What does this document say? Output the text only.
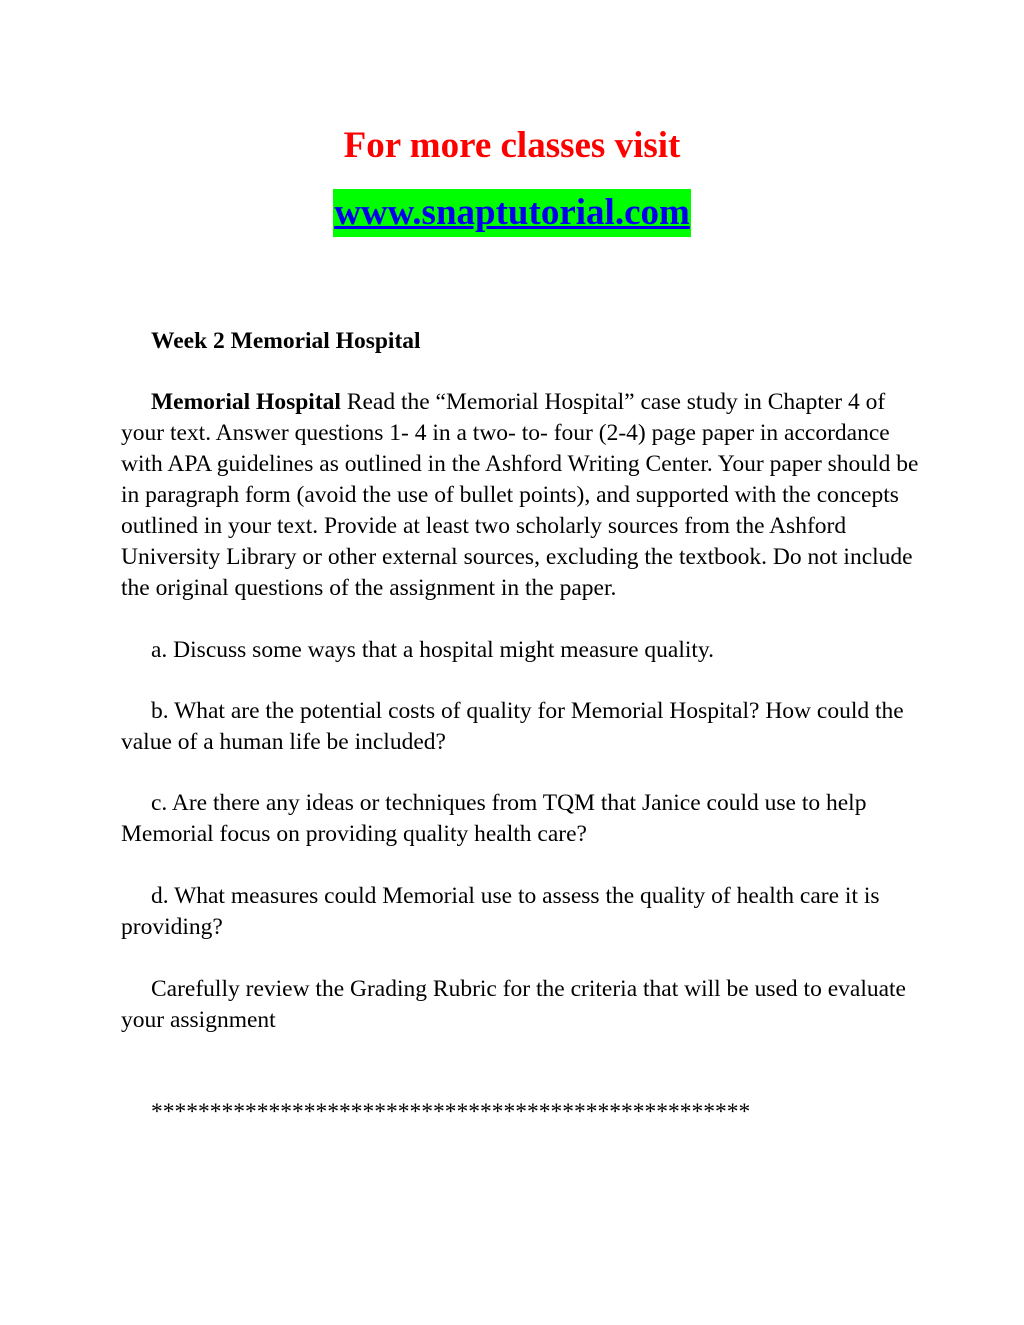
For more classes visit
www.snaptutorial.com

Week 2 Memorial Hospital

Memorial Hospital Read the “Memorial Hospital” case study in Chapter 4 of your text. Answer questions 1- 4 in a two- to- four (2-4) page paper in accordance with APA guidelines as outlined in the Ashford Writing Center. Your paper should be in paragraph form (avoid the use of bullet points), and supported with the concepts outlined in your text. Provide at least two scholarly sources from the Ashford University Library or other external sources, excluding the textbook. Do not include the original questions of the assignment in the paper.

a. Discuss some ways that a hospital might measure quality.

b. What are the potential costs of quality for Memorial Hospital? How could the value of a human life be included?

c. Are there any ideas or techniques from TQM that Janice could use to help Memorial focus on providing quality health care?

d. What measures could Memorial use to assess the quality of health care it is providing?

Carefully review the Grading Rubric for the criteria that will be used to evaluate your assignment

***************************************************
